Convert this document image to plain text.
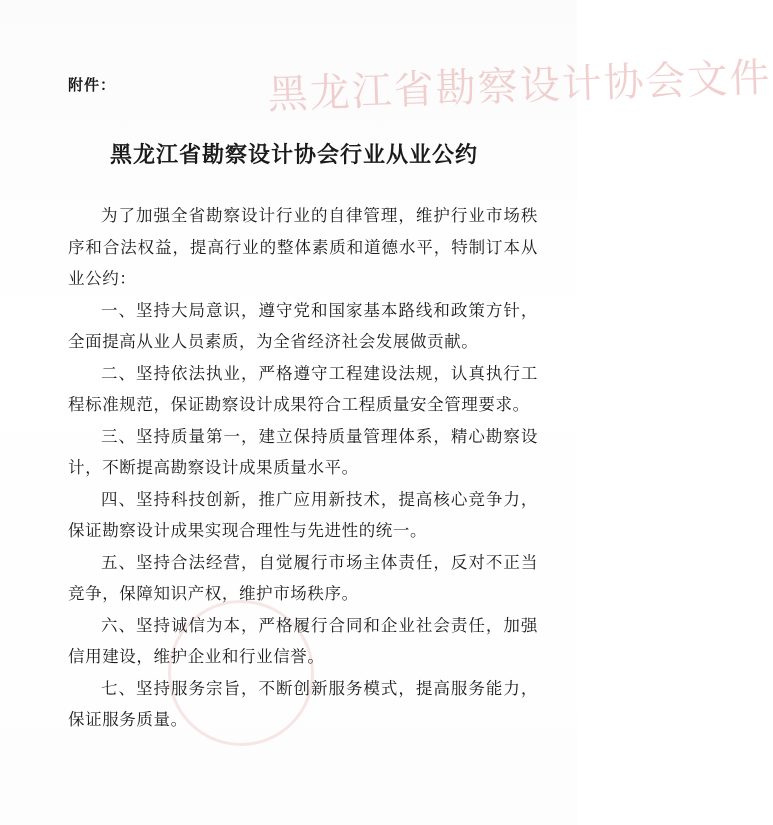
黑龙江省勘察设计协会文件
附件：
黑龙江省勘察设计协会行业从业公约

为了加强全省勘察设计行业的自律管理，维护行业市场秩序和合法权益，提高行业的整体素质和道德水平，特制订本从业公约：

一、坚持大局意识，遵守党和国家基本路线和政策方针，全面提高从业人员素质，为全省经济社会发展做贡献。

二、坚持依法执业，严格遵守工程建设法规，认真执行工程标准规范，保证勘察设计成果符合工程质量安全管理要求。

三、坚持质量第一，建立保持质量管理体系，精心勘察设计，不断提高勘察设计成果质量水平。

四、坚持科技创新，推广应用新技术，提高核心竞争力，保证勘察设计成果实现合理性与先进性的统一。

五、坚持合法经营，自觉履行市场主体责任，反对不正当竞争，保障知识产权，维护市场秩序。

六、坚持诚信为本，严格履行合同和企业社会责任，加强信用建设，维护企业和行业信誉。

七、坚持服务宗旨，不断创新服务模式，提高服务能力，保证服务质量。
